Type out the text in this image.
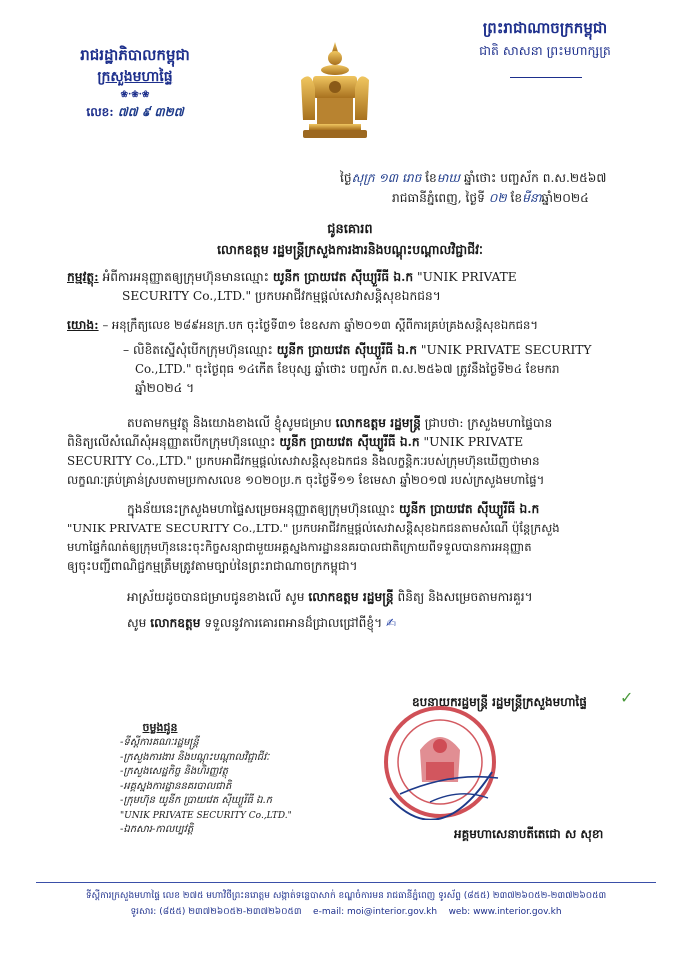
រាជរដ្ឋាភិបាលកម្ពុជា
ក្រសួងមហាផ្ទៃ
❀·❀·❀
លេខ: ៧៧ ៩ ៣២៧
ព្រះរាជាណាចក្រកម្ពុជា
ជាតិ សាសនា ព្រះមហាក្សត្រ
ថ្ងៃសុក្រ ១៣ រោច ខែមាឃ ឆ្នាំថោះ បញ្ចស័ក ព.ស.២៥៦៧
រាជធានីភ្នំពេញ, ថ្ងៃទី ០២ ខែមីនាឆ្នាំ២០២៤
ជូនគោរព
លោកឧត្តម រដ្ឋមន្ត្រីក្រសួងការងារនិងបណ្តុះបណ្តាលវិជ្ជាជីវៈ
កម្មវត្ថុ: អំពីការអនុញ្ញាតឲ្យក្រុមហ៊ុនមានឈ្មោះ យូនីក ប្រាយវេត ស៊ីឃ្យួរីធី ឯ.ក "UNIK PRIVATE
SECURITY Co.,LTD." ប្រកបអាជីវកម្មផ្តល់សេវាសន្តិសុខឯកជន។
យោង: – អនុក្រឹត្យលេខ ២៨៩អនក្រ.បក ចុះថ្ងៃទី៣១ ខែឧសភា ឆ្នាំ២០១៣ ស្តីពីការគ្រប់គ្រងសន្តិសុខឯកជន។
– លិខិតស្នើសុំបើកក្រុមហ៊ុនឈ្មោះ យូនីក ប្រាយវេត ស៊ីឃ្យួរីធី ឯ.ក "UNIK PRIVATE SECURITY
Co.,LTD." ចុះថ្ងៃពុធ ១៤កើត ខែបុស្ស ឆ្នាំថោះ បញ្ចស័ក ព.ស.២៥៦៧ ត្រូវនឹងថ្ងៃទី២៤ ខែមករា
ឆ្នាំ២០២៤ ។
តបតាមកម្មវត្ថុ និងយោងខាងលើ ខ្ញុំសូមជម្រាប លោកឧត្តម រដ្ឋមន្ត្រី ជ្រាបថា: ក្រសួងមហាផ្ទៃបាន
ពិនិត្យលើសំណើសុំអនុញ្ញាតបើកក្រុមហ៊ុនឈ្មោះ យូនីក ប្រាយវេត ស៊ីឃ្យួរីធី ឯ.ក "UNIK PRIVATE
SECURITY Co.,LTD." ប្រកបអាជីវកម្មផ្តល់សេវាសន្តិសុខឯកជន និងលក្ខន្តិកៈរបស់ក្រុមហ៊ុនឃើញថាមាន
លក្ខណៈគ្រប់គ្រាន់ស្របតាមប្រកាសលេខ ១០២០ប្រ.ក ចុះថ្ងៃទី១១ ខែមេសា ឆ្នាំ២០១៧ របស់ក្រសួងមហាផ្ទៃ។
ក្នុងន័យនេះក្រសួងមហាផ្ទៃសម្រេចអនុញ្ញាតឲ្យក្រុមហ៊ុនឈ្មោះ យូនីក ប្រាយវេត ស៊ីឃ្យួរីធី ឯ.ក
"UNIK PRIVATE SECURITY Co.,LTD." ប្រកបអាជីវកម្មផ្តល់សេវាសន្តិសុខឯកជនតាមសំណើ ប៉ុន្តែក្រសួង
មហាផ្ទៃកំណត់ឲ្យក្រុមហ៊ុននេះចុះកិច្ចសន្យាជាមួយអគ្គស្នងការដ្ឋាននគរបាលជាតិក្រោយពីទទួលបានការអនុញ្ញាត
ឲ្យចុះបញ្ជីពាណិជ្ជកម្មត្រឹមត្រូវតាមច្បាប់នៃព្រះរាជាណាចក្រកម្ពុជា។
អាស្រ័យដូចបានជម្រាបជូនខាងលើ សូម លោកឧត្តម រដ្ឋមន្ត្រី ពិនិត្យ និងសម្រេចតាមការគួរ។
សូម លោកឧត្តម ទទួលនូវការគោរពអានដ៏ជ្រាលជ្រៅពីខ្ញុំ។ ✍
ឧបនាយករដ្ឋមន្ត្រី រដ្ឋមន្ត្រីក្រសួងមហាផ្ទៃ	✓
អគ្គមហាសេនាបតីតេជោ ស សុខា
ចម្លងជូន
-ទីស្តីការគណៈរដ្ឋមន្ត្រី
-ក្រសួងការងារ និងបណ្តុះបណ្តាលវិជ្ជាជីវៈ
-ក្រសួងសេដ្ឋកិច្ច និងហិរញ្ញវត្ថុ
-អគ្គស្នងការដ្ឋាននគរបាលជាតិ
-ក្រុមហ៊ុន យូនីក ប្រាយវេត ស៊ីឃ្យួរីធី ឯ.ក
"UNIK PRIVATE SECURITY Co.,LTD."
-ឯកសារ-កាលប្បវត្តិ
ទីស្តីការក្រសួងមហាផ្ទៃ លេខ ២៧៥ មហាវិថីព្រះនរោត្តម សង្កាត់ទន្លេបាសាក់ ខណ្ឌចំការមន រាជធានីភ្នំពេញ ទូរស័ព្ទ (៨៥៥) ២៣៧២៦០៥២-២៣៧២៦០៥៣
ទូរសារ: (៨៥៥) ២៣៧២៦០៥២-២៣៧២៦០៥៣ e-mail: moi@interior.gov.kh web: www.interior.gov.kh
